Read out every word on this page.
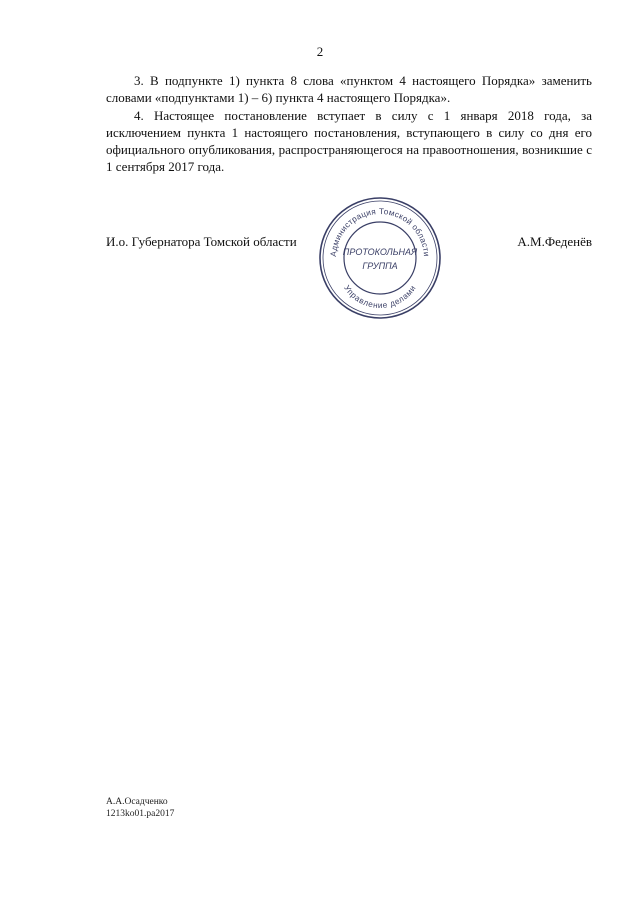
2

3. В подпункте 1) пункта 8 слова «пунктом 4 настоящего Порядка» заменить словами «подпунктами 1) – 6) пункта 4 настоящего Порядка».

4. Настоящее постановление вступает в силу с 1 января 2018 года, за исключением пункта 1 настоящего постановления, вступающего в силу со дня его официального опубликования, распространяющегося на правоотношения, возникшие с 1 сентября 2017 года.

И.о. Губернатора Томской области	А.М.Феденёв
Администрация Томской области
Управление делами
ПРОТОКОЛЬНАЯ
ГРУППА
А.А.Осадченко
1213ko01.pa2017
